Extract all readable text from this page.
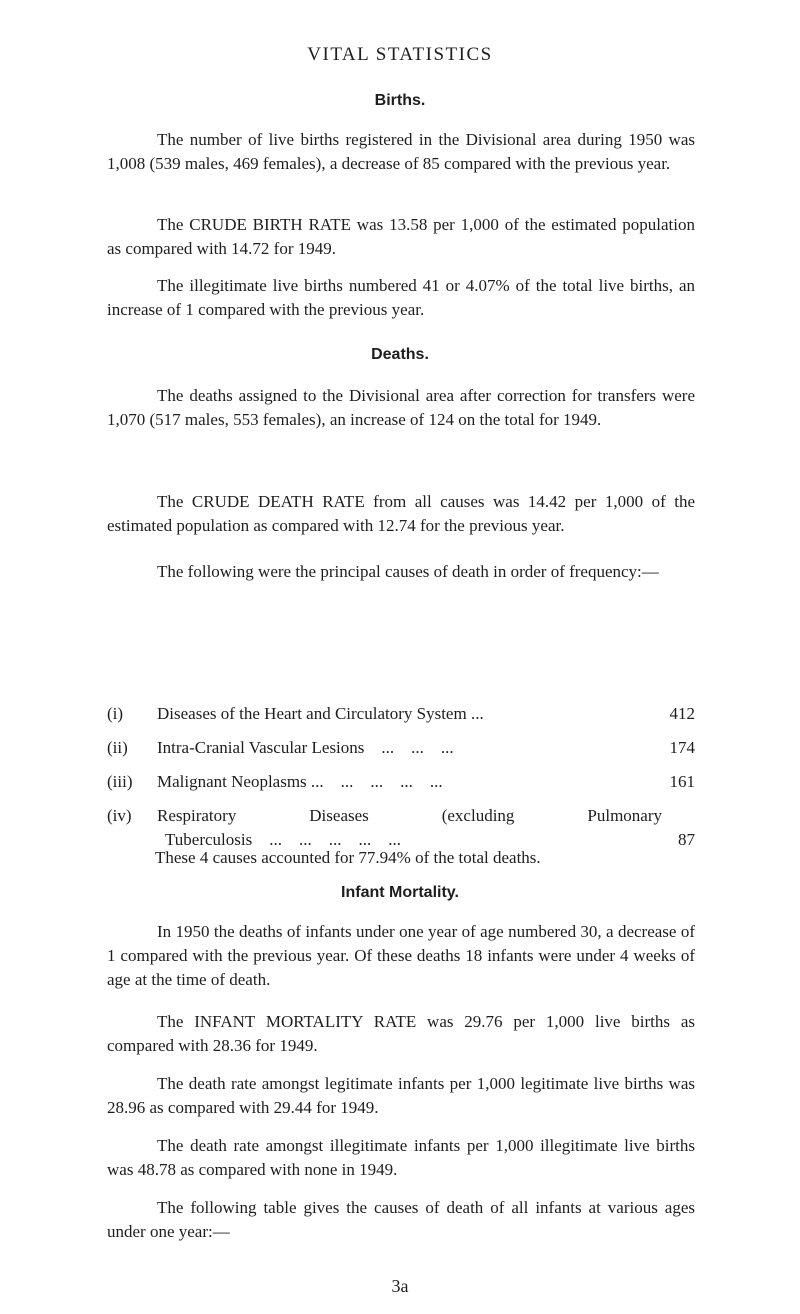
VITAL STATISTICS
Births.
The number of live births registered in the Divisional area during 1950 was 1,008 (539 males, 469 females), a decrease of 85 compared with the previous year.
The CRUDE BIRTH RATE was 13.58 per 1,000 of the estimated population as compared with 14.72 for 1949.
The illegitimate live births numbered 41 or 4.07% of the total live births, an increase of 1 compared with the previous year.
Deaths.
The deaths assigned to the Divisional area after correction for transfers were 1,070 (517 males, 553 females), an increase of 124 on the total for 1949.
The CRUDE DEATH RATE from all causes was 14.42 per 1,000 of the estimated population as compared with 12.74 for the previous year.
The following were the principal causes of death in order of frequency:—
(i)	Diseases of the Heart and Circulatory System ...	412
(ii)	Intra-Cranial Vascular Lesions    ...    ...    ...	174
(iii)	Malignant Neoplasms ...    ...    ...    ...    ...	161
(iv)	Respiratory Diseases (excluding Pulmonary
Tuberculosis    ...    ...    ...    ...    ...	87
These 4 causes accounted for 77.94% of the total deaths.
Infant Mortality.
In 1950 the deaths of infants under one year of age numbered 30, a decrease of 1 compared with the previous year. Of these deaths 18 infants were under 4 weeks of age at the time of death.
The INFANT MORTALITY RATE was 29.76 per 1,000 live births as compared with 28.36 for 1949.
The death rate amongst legitimate infants per 1,000 legitimate live births was 28.96 as compared with 29.44 for 1949.
The death rate amongst illegitimate infants per 1,000 illegitimate live births was 48.78 as compared with none in 1949.
The following table gives the causes of death of all infants at various ages under one year:—
3a
